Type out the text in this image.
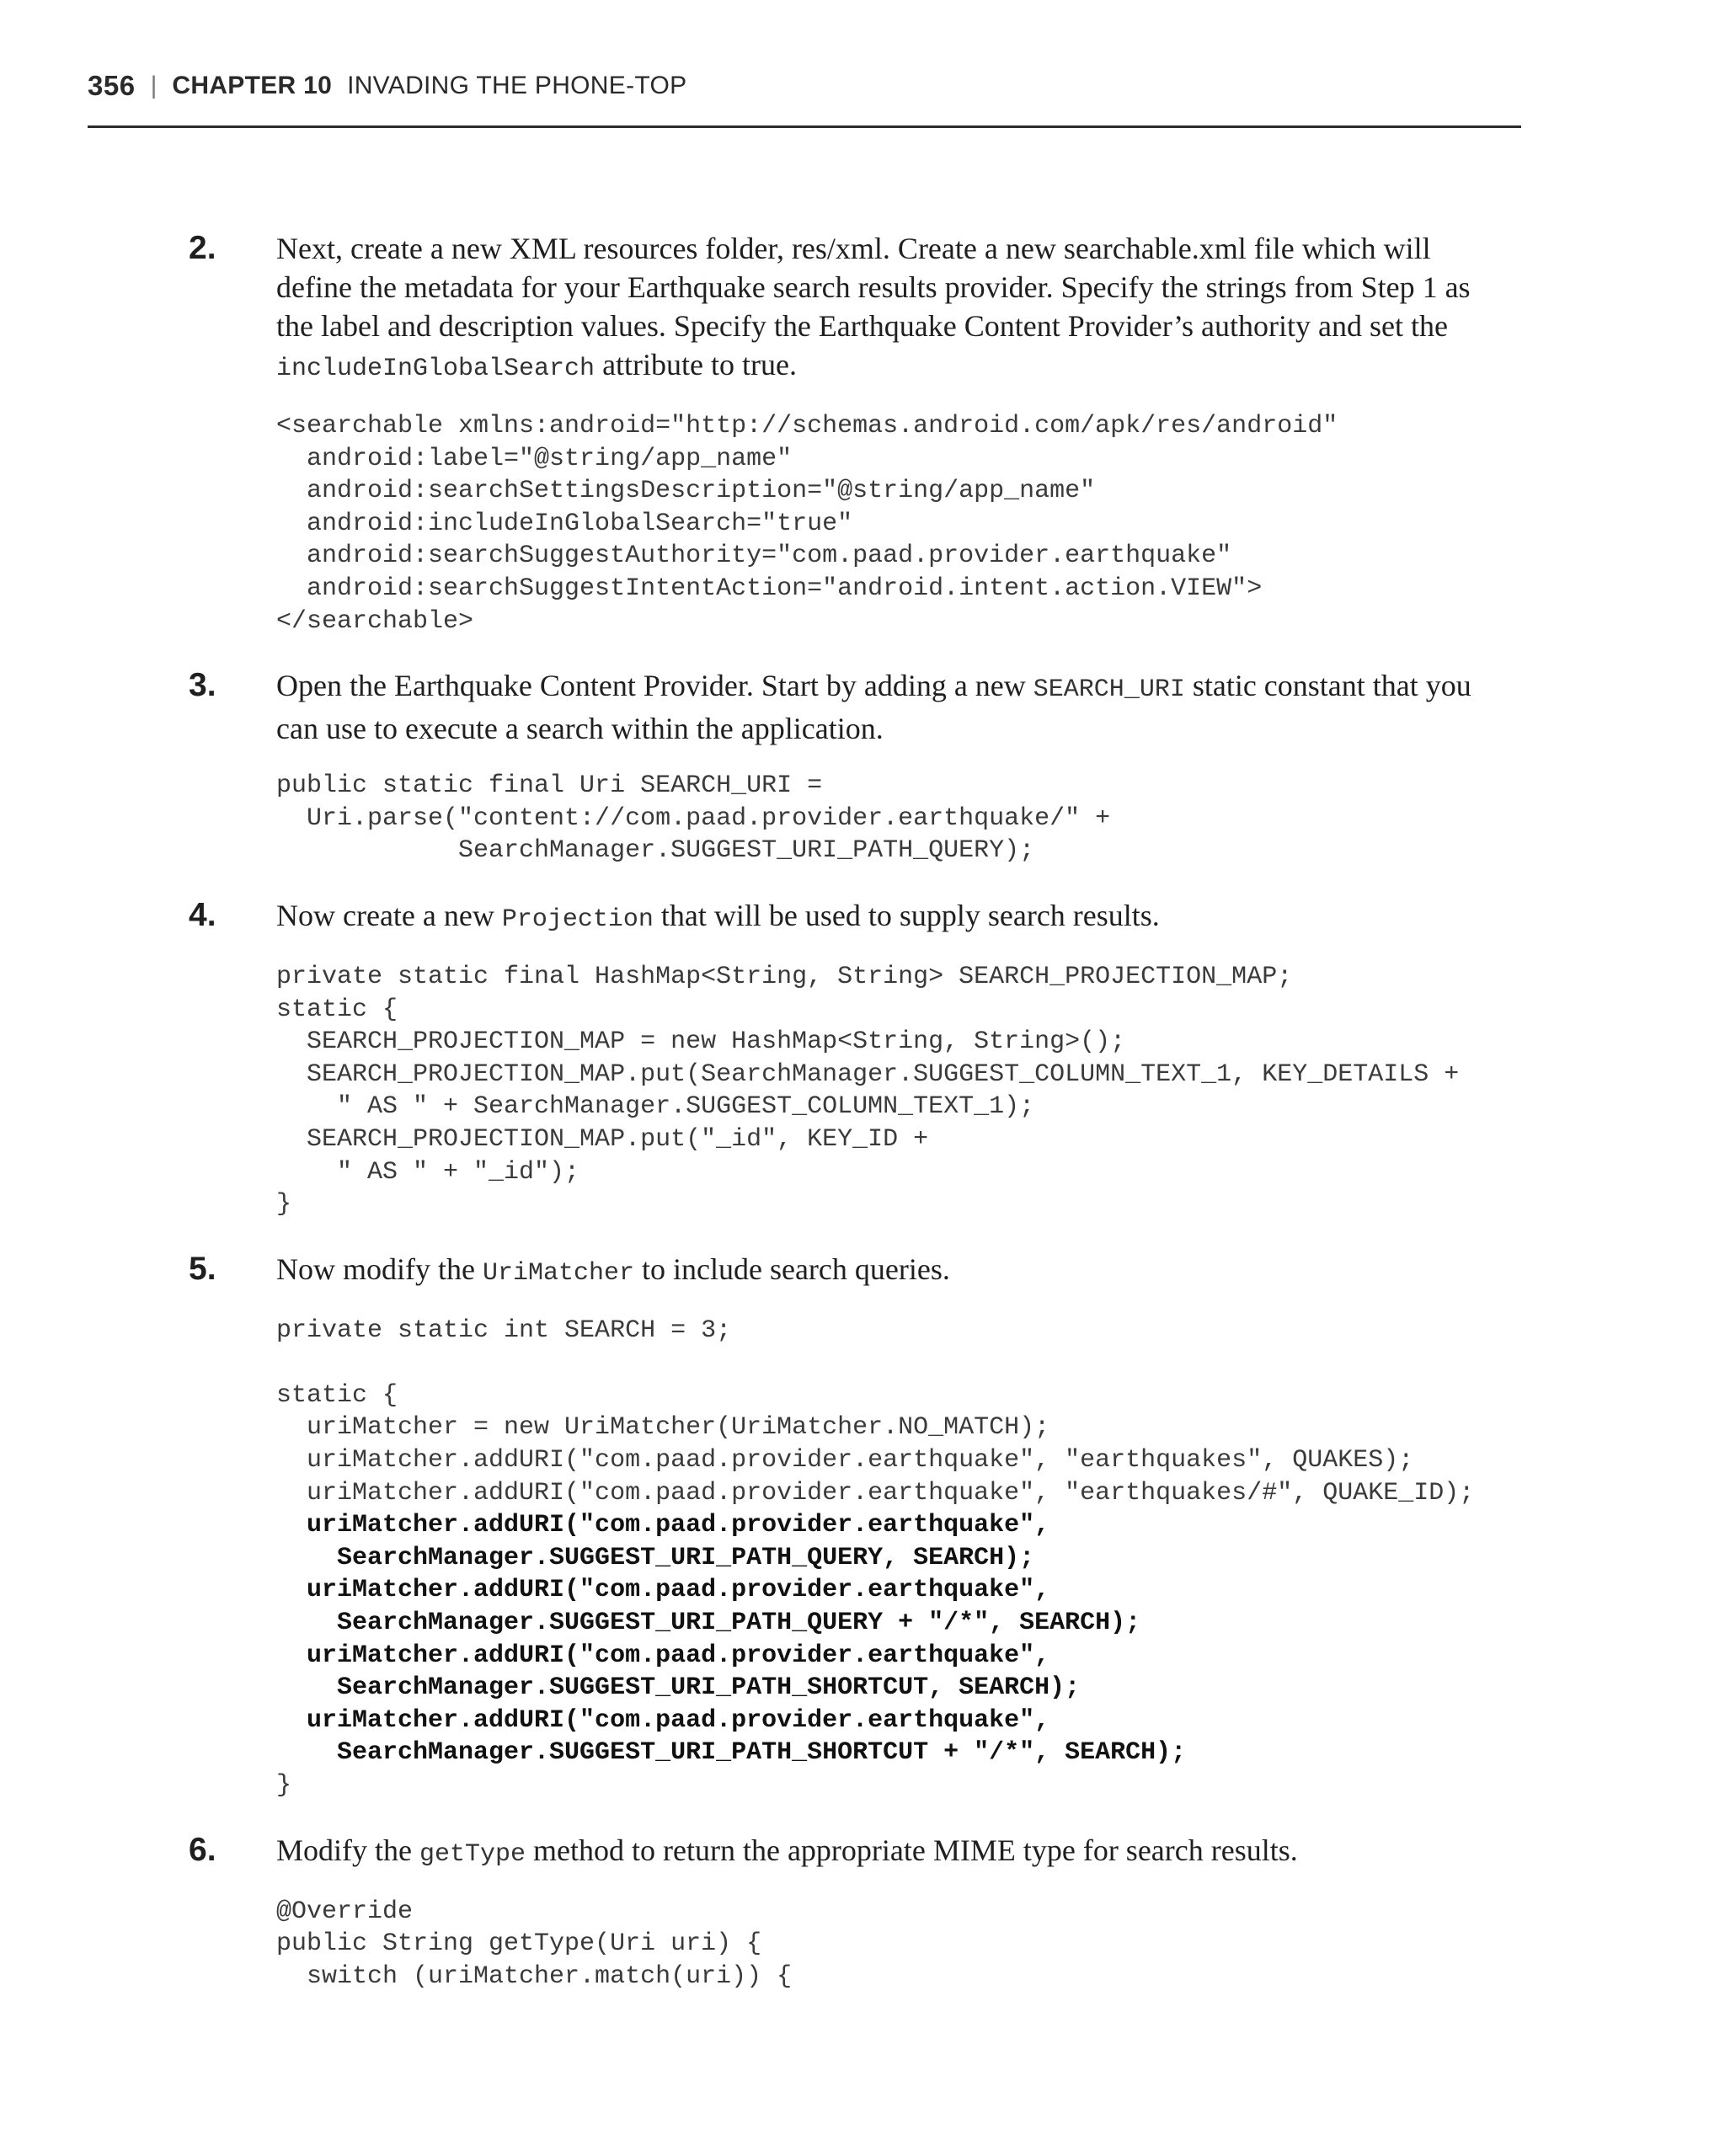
356 | CHAPTER 10 INVADING THE PHONE-TOP
2. Next, create a new XML resources folder, res/xml. Create a new searchable.xml file which will define the metadata for your Earthquake search results provider. Specify the strings from Step 1 as the label and description values. Specify the Earthquake Content Provider’s authority and set the includeInGlobalSearch attribute to true.
<searchable xmlns:android="http://schemas.android.com/apk/res/android"
android:label="@string/app_name"
android:searchSettingsDescription="@string/app_name"
android:includeInGlobalSearch="true"
android:searchSuggestAuthority="com.paad.provider.earthquake"
android:searchSuggestIntentAction="android.intent.action.VIEW">
</searchable>
3. Open the Earthquake Content Provider. Start by adding a new SEARCH_URI static constant that you can use to execute a search within the application.
public static final Uri SEARCH_URI =
Uri.parse("content://com.paad.provider.earthquake/" +
SearchManager.SUGGEST_URI_PATH_QUERY);
4. Now create a new Projection that will be used to supply search results.
private static final HashMap<String, String> SEARCH_PROJECTION_MAP;
static {
SEARCH_PROJECTION_MAP = new HashMap<String, String>();
SEARCH_PROJECTION_MAP.put(SearchManager.SUGGEST_COLUMN_TEXT_1, KEY_DETAILS +
" AS " + SearchManager.SUGGEST_COLUMN_TEXT_1);
SEARCH_PROJECTION_MAP.put("_id", KEY_ID +
" AS " + "_id");
}
5. Now modify the UriMatcher to include search queries.
private static int SEARCH = 3;
static {
uriMatcher = new UriMatcher(UriMatcher.NO_MATCH);
uriMatcher.addURI("com.paad.provider.earthquake", "earthquakes", QUAKES);
uriMatcher.addURI("com.paad.provider.earthquake", "earthquakes/#", QUAKE_ID);
uriMatcher.addURI("com.paad.provider.earthquake",
SearchManager.SUGGEST_URI_PATH_QUERY, SEARCH);
uriMatcher.addURI("com.paad.provider.earthquake",
SearchManager.SUGGEST_URI_PATH_QUERY + "/*", SEARCH);
uriMatcher.addURI("com.paad.provider.earthquake",
SearchManager.SUGGEST_URI_PATH_SHORTCUT, SEARCH);
uriMatcher.addURI("com.paad.provider.earthquake",
SearchManager.SUGGEST_URI_PATH_SHORTCUT + "/*", SEARCH);
}
6. Modify the getType method to return the appropriate MIME type for search results.
@Override
public String getType(Uri uri) {
switch (uriMatcher.match(uri)) {
